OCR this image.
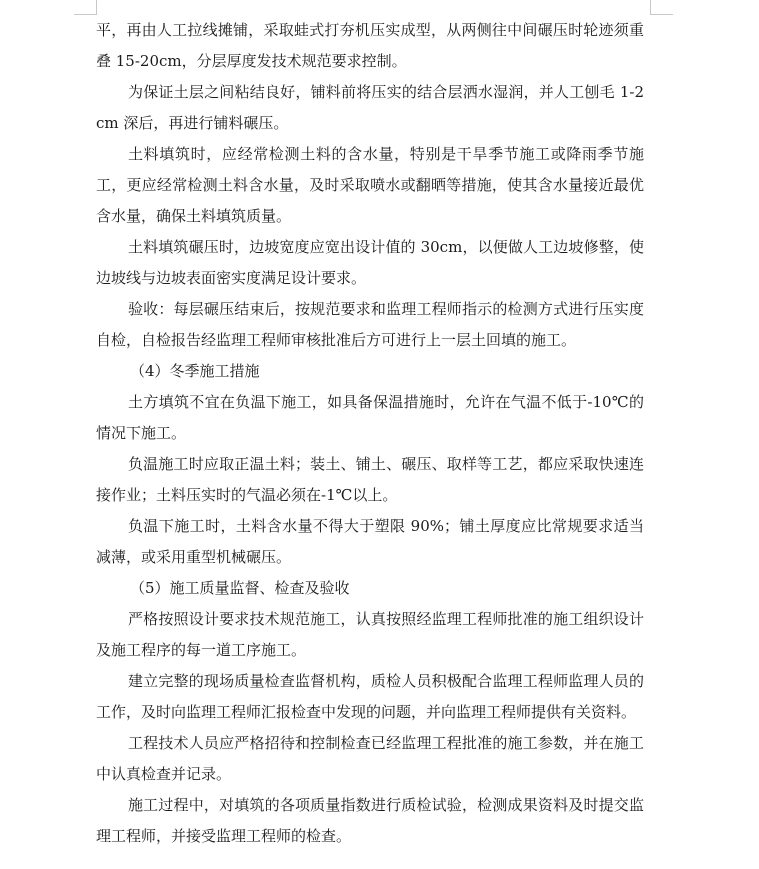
平，再由人工拉线摊铺，采取蛙式打夯机压实成型，从两侧往中间碾压时轮迹须重叠 15-20cm，分层厚度发技术规范要求控制。

为保证土层之间粘结良好，铺料前将压实的结合层洒水湿润，并人工刨毛 1-2cm 深后，再进行铺料碾压。

土料填筑时，应经常检测土料的含水量，特别是干旱季节施工或降雨季节施工，更应经常检测土料含水量，及时采取喷水或翻晒等措施，使其含水量接近最优含水量，确保土料填筑质量。

土料填筑碾压时，边坡宽度应宽出设计值的 30cm，以便做人工边坡修整，使边坡线与边坡表面密实度满足设计要求。

验收：每层碾压结束后，按规范要求和监理工程师指示的检测方式进行压实度自检，自检报告经监理工程师审核批准后方可进行上一层土回填的施工。

（4）冬季施工措施

土方填筑不宜在负温下施工，如具备保温措施时，允许在气温不低于-10℃的情况下施工。

负温施工时应取正温土料；装土、铺土、碾压、取样等工艺，都应采取快速连接作业；土料压实时的气温必须在-1℃以上。

负温下施工时，土料含水量不得大于塑限 90%；铺土厚度应比常规要求适当减薄，或采用重型机械碾压。

（5）施工质量监督、检查及验收

严格按照设计要求技术规范施工，认真按照经监理工程师批准的施工组织设计及施工程序的每一道工序施工。

建立完整的现场质量检查监督机构，质检人员积极配合监理工程师监理人员的工作，及时向监理工程师汇报检查中发现的问题，并向监理工程师提供有关资料。

工程技术人员应严格招待和控制检查已经监理工程批准的施工参数，并在施工中认真检查并记录。

施工过程中，对填筑的各项质量指数进行质检试验，检测成果资料及时提交监理工程师，并接受监理工程师的检查。
